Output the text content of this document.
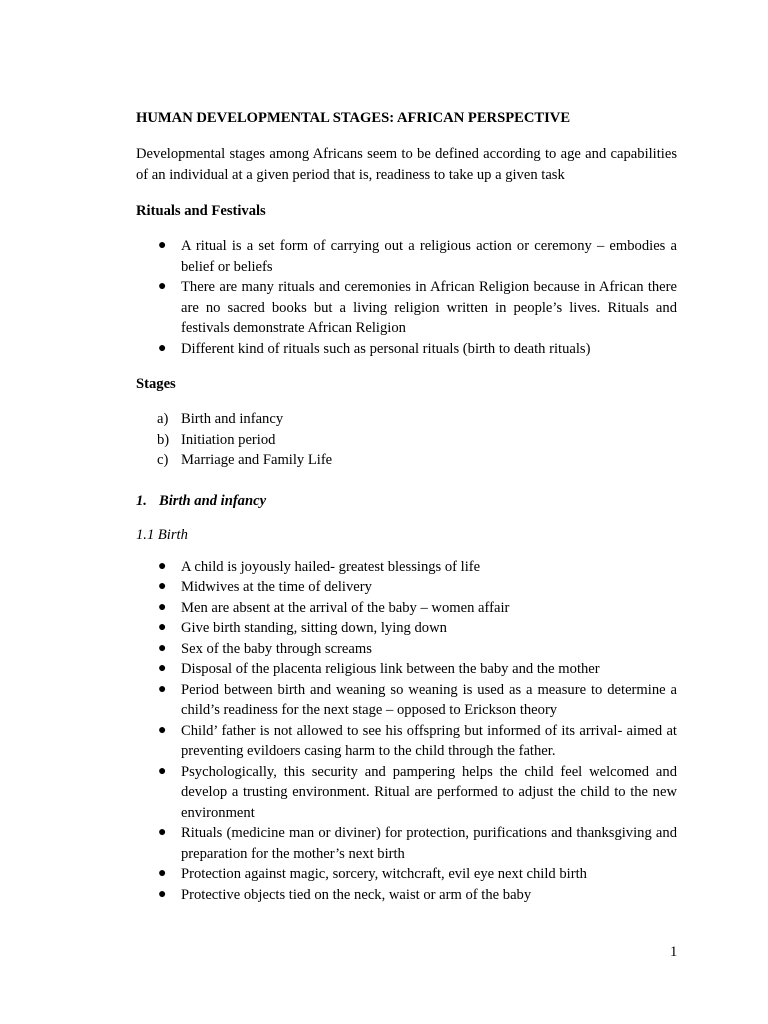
HUMAN DEVELOPMENTAL STAGES: AFRICAN PERSPECTIVE
Developmental stages among Africans seem to be defined according to age and capabilities of an individual at a given period that is, readiness to take up a given task
Rituals and Festivals
● A ritual is a set form of carrying out a religious action or ceremony – embodies a belief or beliefs
● There are many rituals and ceremonies in African Religion because in African there are no sacred books but a living religion written in people’s lives. Rituals and festivals demonstrate African Religion
● Different kind of rituals such as personal rituals (birth to death rituals)
Stages
a) Birth and infancy
b) Initiation period
c) Marriage and Family Life
1. Birth and infancy
1.1 Birth
● A child is joyously hailed- greatest blessings of life
● Midwives at the time of delivery
● Men are absent at the arrival of the baby – women affair
● Give birth standing, sitting down, lying down
● Sex of the baby through screams
● Disposal of the placenta religious link between the baby and the mother
● Period between birth and weaning so weaning is used as a measure to determine a child’s readiness for the next stage – opposed to Erickson theory
● Child’ father is not allowed to see his offspring but informed of its arrival- aimed at preventing evildoers casing harm to the child through the father.
● Psychologically, this security and pampering helps the child feel welcomed and develop a trusting environment. Ritual are performed to adjust the child to the new environment
● Rituals (medicine man or diviner) for protection, purifications and thanksgiving and preparation for the mother’s next birth
● Protection against magic, sorcery, witchcraft, evil eye next child birth
● Protective objects tied on the neck, waist or arm of the baby
1
